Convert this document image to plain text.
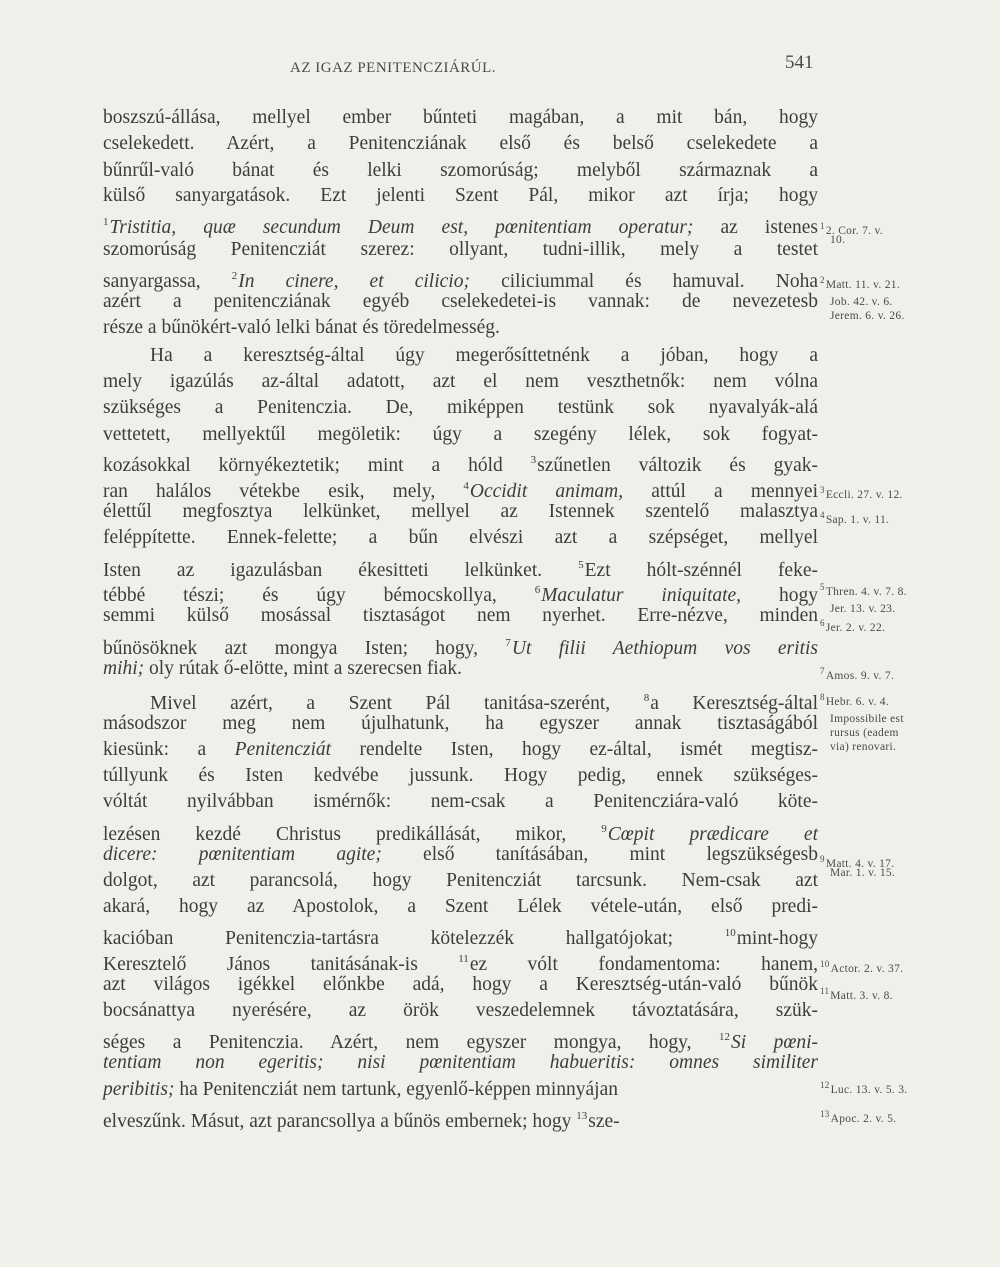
AZ IGAZ PENITENCZIÁRÚL.	541
boszszú-állása, mellyel ember bűnteti magában, a mit bán, hogy
cselekedett. Azért, a Penitencziának első és belső cselekedete a
bűnrűl-való bánat és lelki szomorúság; melyből származnak a
külső sanyargatások. Ezt jelenti Szent Pál, mikor azt írja; hogy
$^1$Tristitia, quæ secundum Deum est, pœnitentiam operatur; az istenes
szomorúság Penitencziát szerez: ollyant, tudni-illik, mely a testet
sanyargassa, $^2$In cinere, et cilicio; ciliciummal és hamuval. Noha
azért a penitencziának egyéb cselekedetei-is vannak: de nevezetesb
része a bűnökért-való lelki bánat és töredelmesség.
Ha a keresztség-által úgy megerősíttetnénk a jóban, hogy a
mely igazúlás az-által adatott, azt el nem veszthetnők: nem vólna
szükséges a Penitenczia. De, miképpen testünk sok nyavalyák-alá
vettetett, mellyektűl megöletik: úgy a szegény lélek, sok fogyat-
kozásokkal környékeztetik; mint a hóld $^3$szűnetlen változik és gyak-
ran halálos vétekbe esik, mely, $^4$Occidit animam, attúl a mennyei
élettűl megfosztya lelkünket, mellyel az Istennek szentelő malasztya
feléppítette. Ennek-felette; a bűn elvészi azt a szépséget, mellyel
Isten az igazulásban ékesitteti lelkünket. $^5$Ezt hólt-szénnél feke-
tébbé tészi; és úgy bémocskollya, $^6$Maculatur iniquitate, hogy
semmi külső mosással tisztaságot nem nyerhet. Erre-nézve, minden
bűnösöknek azt mongya Isten; hogy, $^7$Ut filii Aethiopum vos eritis
mihi; oly rútak ő-elötte, mint a szerecsen fiak.
Mivel azért, a Szent Pál tanitása-szerént, $^8$a Keresztség-által
másodszor meg nem újulhatunk, ha egyszer annak tisztaságából
kiesünk: a Penitencziát rendelte Isten, hogy ez-által, ismét megtisz-
túllyunk és Isten kedvébe jussunk. Hogy pedig, ennek szükséges-
vóltát nyilvábban ismérnők: nem-csak a Penitencziára-való köte-
lezésen kezdé Christus predikállását, mikor, $^9$Cœpit prædicare et
dicere: pœnitentiam agite; első tanításában, mint legszükségesb
dolgot, azt parancsolá, hogy Penitencziát tarcsunk. Nem-csak azt
akará, hogy az Apostolok, a Szent Lélek vétele-után, első predi-
kacióban Penitenczia-tartásra kötelezzék hallgatójokat; $^{10}$mint-hogy
Keresztelő János tanitásának-is $^{11}$ez vólt fondamentoma: hanem,
azt világos igékkel előnkbe adá, hogy a Keresztség-után-való bűnök
bocsánattya nyerésére, az örök veszedelemnek távoztatására, szük-
séges a Penitenczia. Azért, nem egyszer mongya, hogy, $^{12}$Si pœni-
tentiam non egeritis; nisi pœnitentiam habueritis: omnes similiter
peribitis; ha Penitencziát nem tartunk, egyenlő-képpen minnyájan
elveszűnk. Másut, azt parancsollya a bűnös embernek; hogy $^{13}$sze-
$^1$2. Cor. 7. v.
10.
$^2$Matt. 11. v. 21.
Job. 42. v. 6.
Jerem. 6. v. 26.
$^3$Eccli. 27. v. 12.
$^4$Sap. 1. v. 11.
$^5$Thren. 4. v. 7. 8.
Jer. 13. v. 23.
$^6$Jer. 2. v. 22.
$^7$Amos. 9. v. 7.
$^8$Hebr. 6. v. 4.
Impossibile est
rursus (eadem
via) renovari.
$^9$Matt. 4. v. 17.
Mar. 1. v. 15.
$^{10}$Actor. 2. v. 37.
$^{11}$Matt. 3. v. 8.
$^{12}$Luc. 13. v. 5. 3.
$^{13}$Apoc. 2. v. 5.
